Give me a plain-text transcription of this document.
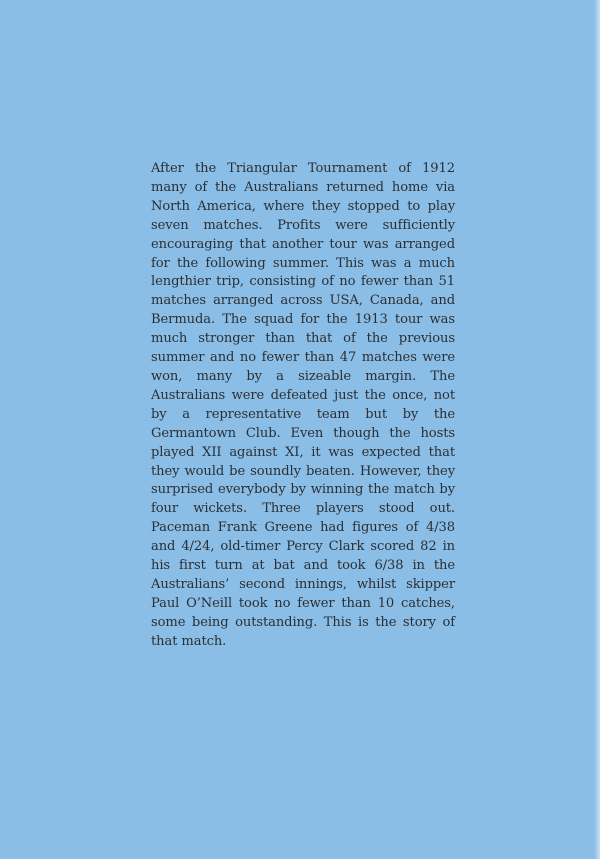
After the Triangular Tournament of 1912 many of the Australians returned home via North America, where they stopped to play seven matches. Profits were sufficiently encouraging that another tour was arranged for the following summer. This was a much lengthier trip, consisting of no fewer than 51 matches arranged across USA, Canada, and Bermuda. The squad for the 1913 tour was much stronger than that of the previous summer and no fewer than 47 matches were won, many by a sizeable margin. The Australians were defeated just the once, not by a representative team but by the Germantown Club. Even though the hosts played XII against XI, it was expected that they would be soundly beaten. However, they surprised everybody by winning the match by four wickets. Three players stood out. Paceman Frank Greene had figures of 4/38 and 4/24, old-timer Percy Clark scored 82 in his first turn at bat and took 6/38 in the Australians’ second innings, whilst skipper Paul O’Neill took no fewer than 10 catches, some being outstanding. This is the story of that match.
